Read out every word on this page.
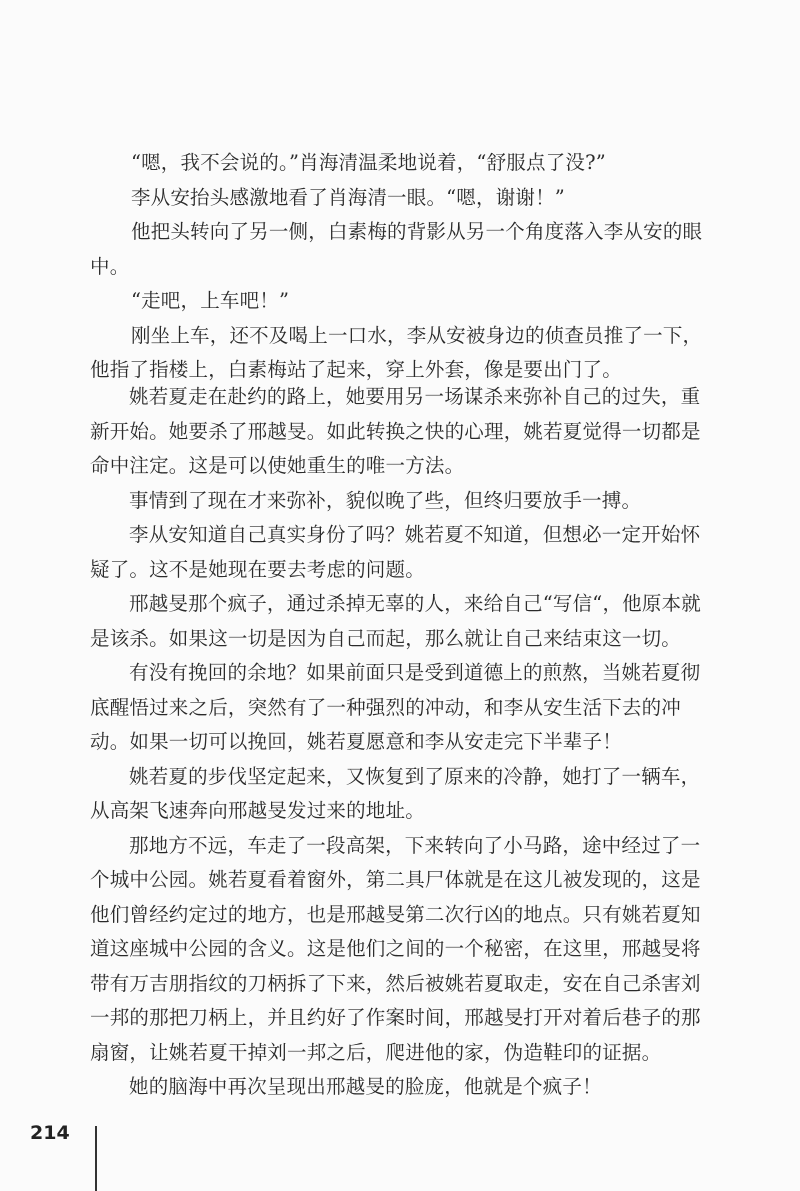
“嗯，我不会说的。”肖海清温柔地说着，“舒服点了没?”

李从安抬头感激地看了肖海清一眼。“嗯，谢谢！”

他把头转向了另一侧，白素梅的背影从另一个角度落入李从安的眼中。

“走吧，上车吧！”

刚坐上车，还不及喝上一口水，李从安被身边的侦查员推了一下，他指了指楼上，白素梅站了起来，穿上外套，像是要出门了。

姚若夏走在赴约的路上，她要用另一场谋杀来弥补自己的过失，重新开始。她要杀了邢越旻。如此转换之快的心理，姚若夏觉得一切都是命中注定。这是可以使她重生的唯一方法。

事情到了现在才来弥补，貌似晚了些，但终归要放手一搏。

李从安知道自己真实身份了吗？姚若夏不知道，但想必一定开始怀疑了。这不是她现在要去考虑的问题。

邢越旻那个疯子，通过杀掉无辜的人，来给自己“写信“，他原本就是该杀。如果这一切是因为自己而起，那么就让自己来结束这一切。

有没有挽回的余地？如果前面只是受到道德上的煎熬，当姚若夏彻底醒悟过来之后，突然有了一种强烈的冲动，和李从安生活下去的冲动。如果一切可以挽回，姚若夏愿意和李从安走完下半辈子！

姚若夏的步伐坚定起来，又恢复到了原来的冷静，她打了一辆车，从高架飞速奔向邢越旻发过来的地址。

那地方不远，车走了一段高架，下来转向了小马路，途中经过了一个城中公园。姚若夏看着窗外，第二具尸体就是在这儿被发现的，这是他们曾经约定过的地方，也是邢越旻第二次行凶的地点。只有姚若夏知道这座城中公园的含义。这是他们之间的一个秘密，在这里，邢越旻将带有万吉朋指纹的刀柄拆了下来，然后被姚若夏取走，安在自己杀害刘一邦的那把刀柄上，并且约好了作案时间，邢越旻打开对着后巷子的那扇窗，让姚若夏干掉刘一邦之后，爬进他的家，伪造鞋印的证据。

她的脑海中再次呈现出邢越旻的脸庞，他就是个疯子！

214
